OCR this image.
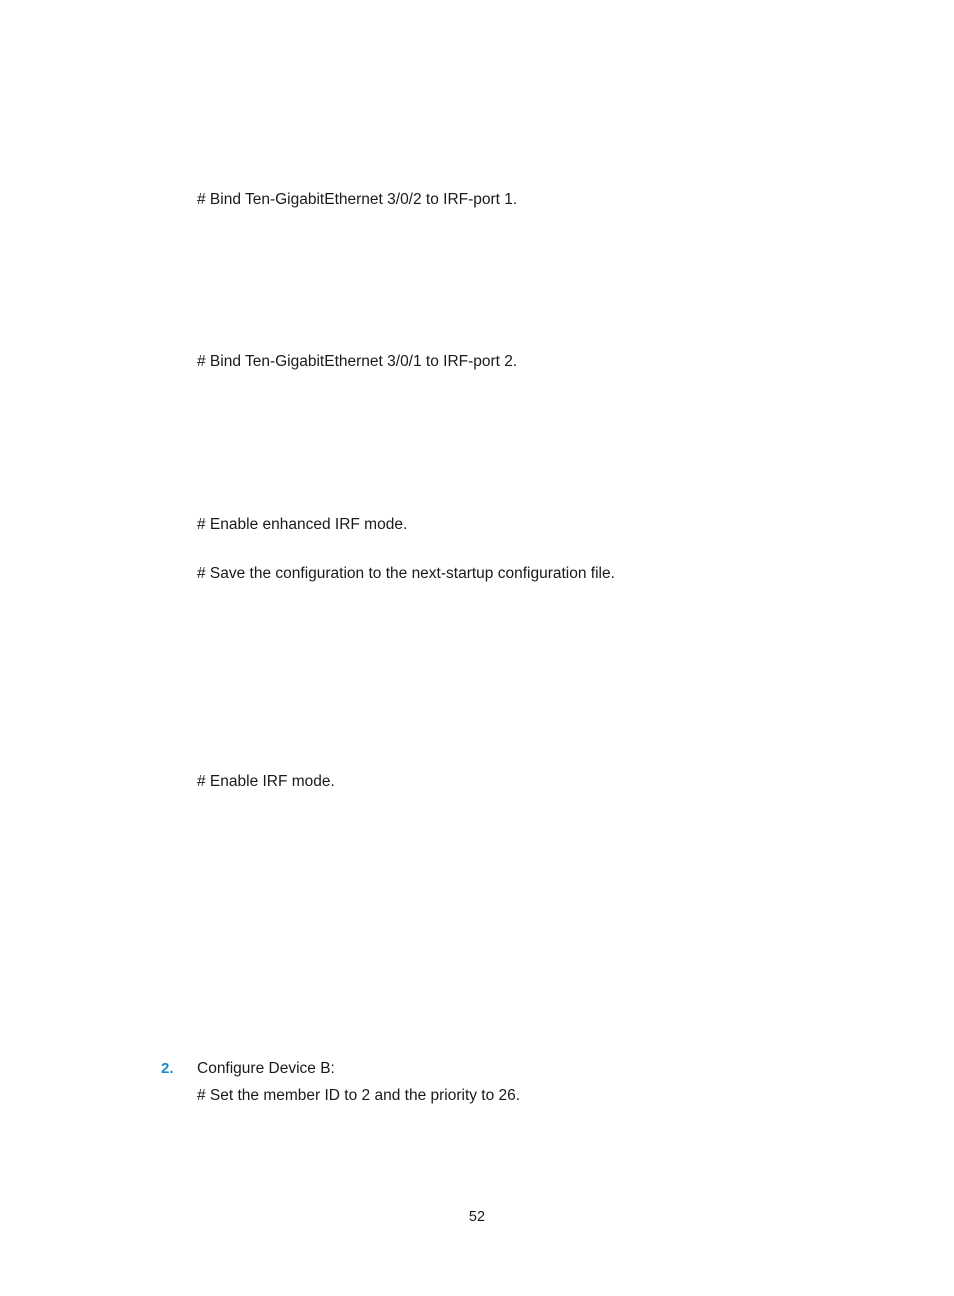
# Bind Ten-GigabitEthernet 3/0/2 to IRF-port 1.
# Bind Ten-GigabitEthernet 3/0/1 to IRF-port 2.
# Enable enhanced IRF mode.
# Save the configuration to the next-startup configuration file.
# Enable IRF mode.
2. Configure Device B:
# Set the member ID to 2 and the priority to 26.
52
